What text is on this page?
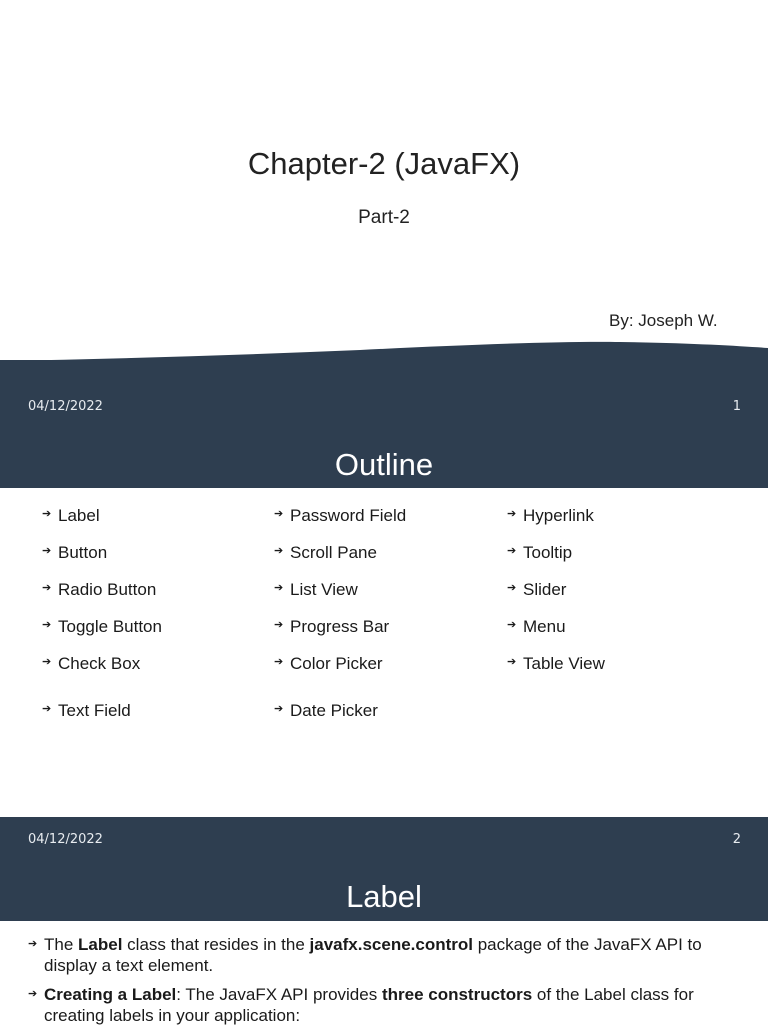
Chapter-2 (JavaFX)
Part-2
By: Joseph W.
04/12/2022	1
Outline
➔ Label
➔ Button
➔ Radio Button
➔ Toggle Button
➔ Check Box
➔ Text Field
➔ Password Field
➔ Scroll Pane
➔ List View
➔ Progress Bar
➔ Color Picker
➔ Date Picker
➔ Hyperlink
➔ Tooltip
➔ Slider
➔ Menu
➔ Table View
04/12/2022	2
Label
➔ The Label class that resides in the javafx.scene.control package of the JavaFX API to display a text element.
➔ Creating a Label: The JavaFX API provides three constructors of the Label class for creating labels in your application:
